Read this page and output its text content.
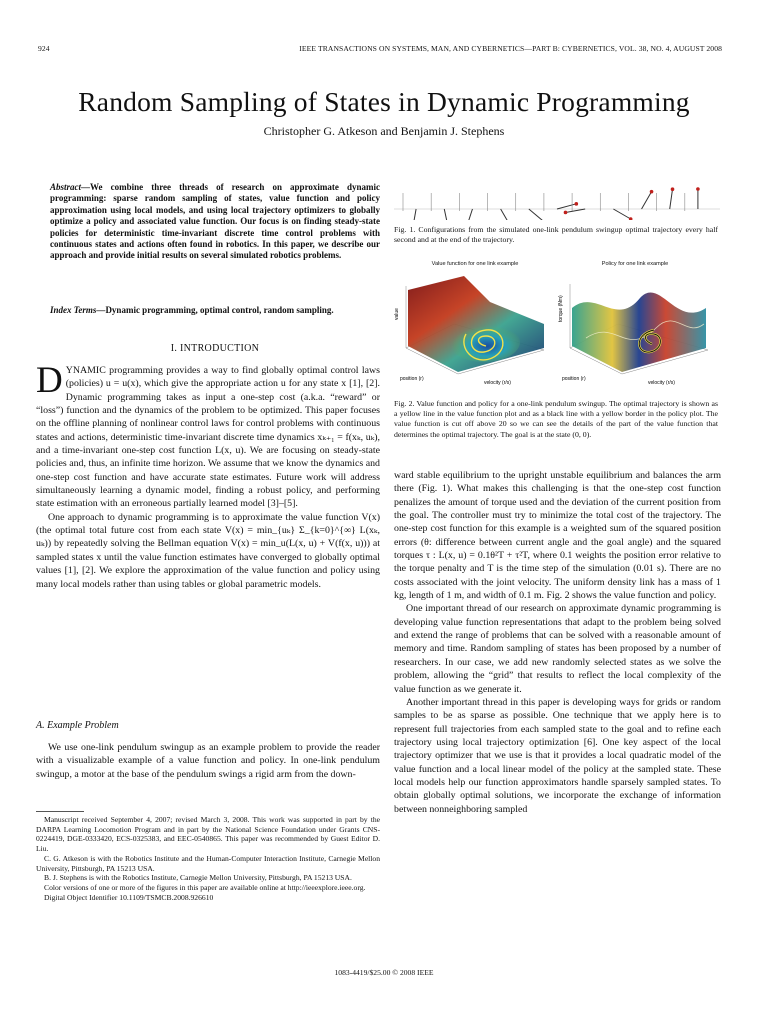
924	IEEE TRANSACTIONS ON SYSTEMS, MAN, AND CYBERNETICS—PART B: CYBERNETICS, VOL. 38, NO. 4, AUGUST 2008
Random Sampling of States in Dynamic Programming
Christopher G. Atkeson and Benjamin J. Stephens
Abstract—We combine three threads of research on approximate dynamic programming: sparse random sampling of states, value function and policy approximation using local models, and using local trajectory optimizers to globally optimize a policy and associated value function. Our focus is on finding steady-state policies for deterministic time-invariant discrete time control problems with continuous states and actions often found in robotics. In this paper, we describe our approach and provide initial results on several simulated robotics problems.
Index Terms—Dynamic programming, optimal control, random sampling.
I. INTRODUCTION

DYNAMIC programming provides a way to find globally optimal control laws (policies) u = u(x), which give the appropriate action u for any state x [1], [2]. Dynamic programming takes as input a one-step cost (a.k.a. “reward” or “loss”) function and the dynamics of the problem to be optimized. This paper focuses on the offline planning of nonlinear control laws for control problems with continuous states and actions, deterministic time-invariant discrete time dynamics xₖ₊₁ = f(xₖ, uₖ), and a time-invariant one-step cost function L(x, u). We are focusing on steady-state policies and, thus, an infinite time horizon. We assume that we know the dynamics and one-step cost function and have accurate state estimates. Future work will address simultaneously learning a dynamic model, finding a robust policy, and performing state estimation with an erroneous partially learned model [3]–[5].

One approach to dynamic programming is to approximate the value function V(x) (the optimal total future cost from each state V(x) = min_{uₖ} Σ_{k=0}^{∞} L(xₖ, uₖ)) by repeatedly solving the Bellman equation V(x) = min_u(L(x, u) + V(f(x, u))) at sampled states x until the value function estimates have converged to globally optimal values [1], [2]. We explore the approximation of the value function and policy using many local models rather than using tables or global parametric models.

A. Example Problem

We use one-link pendulum swingup as an example problem to provide the reader with a visualizable example of a value function and policy. In one-link pendulum swingup, a motor at the base of the pendulum swings a rigid arm from the down-

Manuscript received September 4, 2007; revised March 3, 2008. This work was supported in part by the DARPA Learning Locomotion Program and in part by the National Science Foundation under Grants CNS-0224419, DGE-0333420, ECS-0325383, and EEC-0540865. This paper was recommended by Guest Editor D. Liu.

C. G. Atkeson is with the Robotics Institute and the Human-Computer Interaction Institute, Carnegie Mellon University, Pittsburgh, PA 15213 USA.

B. J. Stephens is with the Robotics Institute, Carnegie Mellon University, Pittsburgh, PA 15213 USA.

Color versions of one or more of the figures in this paper are available online at http://ieeexplore.ieee.org.

Digital Object Identifier 10.1109/TSMCB.2008.926610

Fig. 1. Configurations from the simulated one-link pendulum swingup optimal trajectory every half second and at the end of the trajectory.
Value function for one link example	Policy for one link example
value
position (r)
velocity (r/s)
torque (Nm)
position (r)
velocity (r/s)
Fig. 2. Value function and policy for a one-link pendulum swingup. The optimal trajectory is shown as a yellow line in the value function plot and as a black line with a yellow border in the policy plot. The value function is cut off above 20 so we can see the details of the part of the value function that determines the optimal trajectory. The goal is at the state (0, 0).

ward stable equilibrium to the upright unstable equilibrium and balances the arm there (Fig. 1). What makes this challenging is that the one-step cost function penalizes the amount of torque used and the deviation of the current position from the goal. The controller must try to minimize the total cost of the trajectory. The one-step cost function for this example is a weighted sum of the squared position errors (θ: difference between current angle and the goal angle) and the squared torques τ : L(x, u) = 0.1θ²T + τ²T, where 0.1 weights the position error relative to the torque penalty and T is the time step of the simulation (0.01 s). There are no costs associated with the joint velocity. The uniform density link has a mass of 1 kg, length of 1 m, and width of 0.1 m. Fig. 2 shows the value function and policy.

One important thread of our research on approximate dynamic programming is developing value function representations that adapt to the problem being solved and extend the range of problems that can be solved with a reasonable amount of memory and time. Random sampling of states has been proposed by a number of researchers. In our case, we add new randomly selected states as we solve the problem, allowing the “grid” that results to reflect the local complexity of the value function as we generate it.

Another important thread in this paper is developing ways for grids or random samples to be as sparse as possible. One technique that we apply here is to represent full trajectories from each sampled state to the goal and to refine each trajectory using local trajectory optimization [6]. One key aspect of the local trajectory optimizer that we use is that it provides a local quadratic model of the value function and a local linear model of the policy at the sampled state. These local models help our function approximators handle sparsely sampled states. To obtain globally optimal solutions, we incorporate the exchange of information between nonneighboring sampled

1083-4419/$25.00 © 2008 IEEE
